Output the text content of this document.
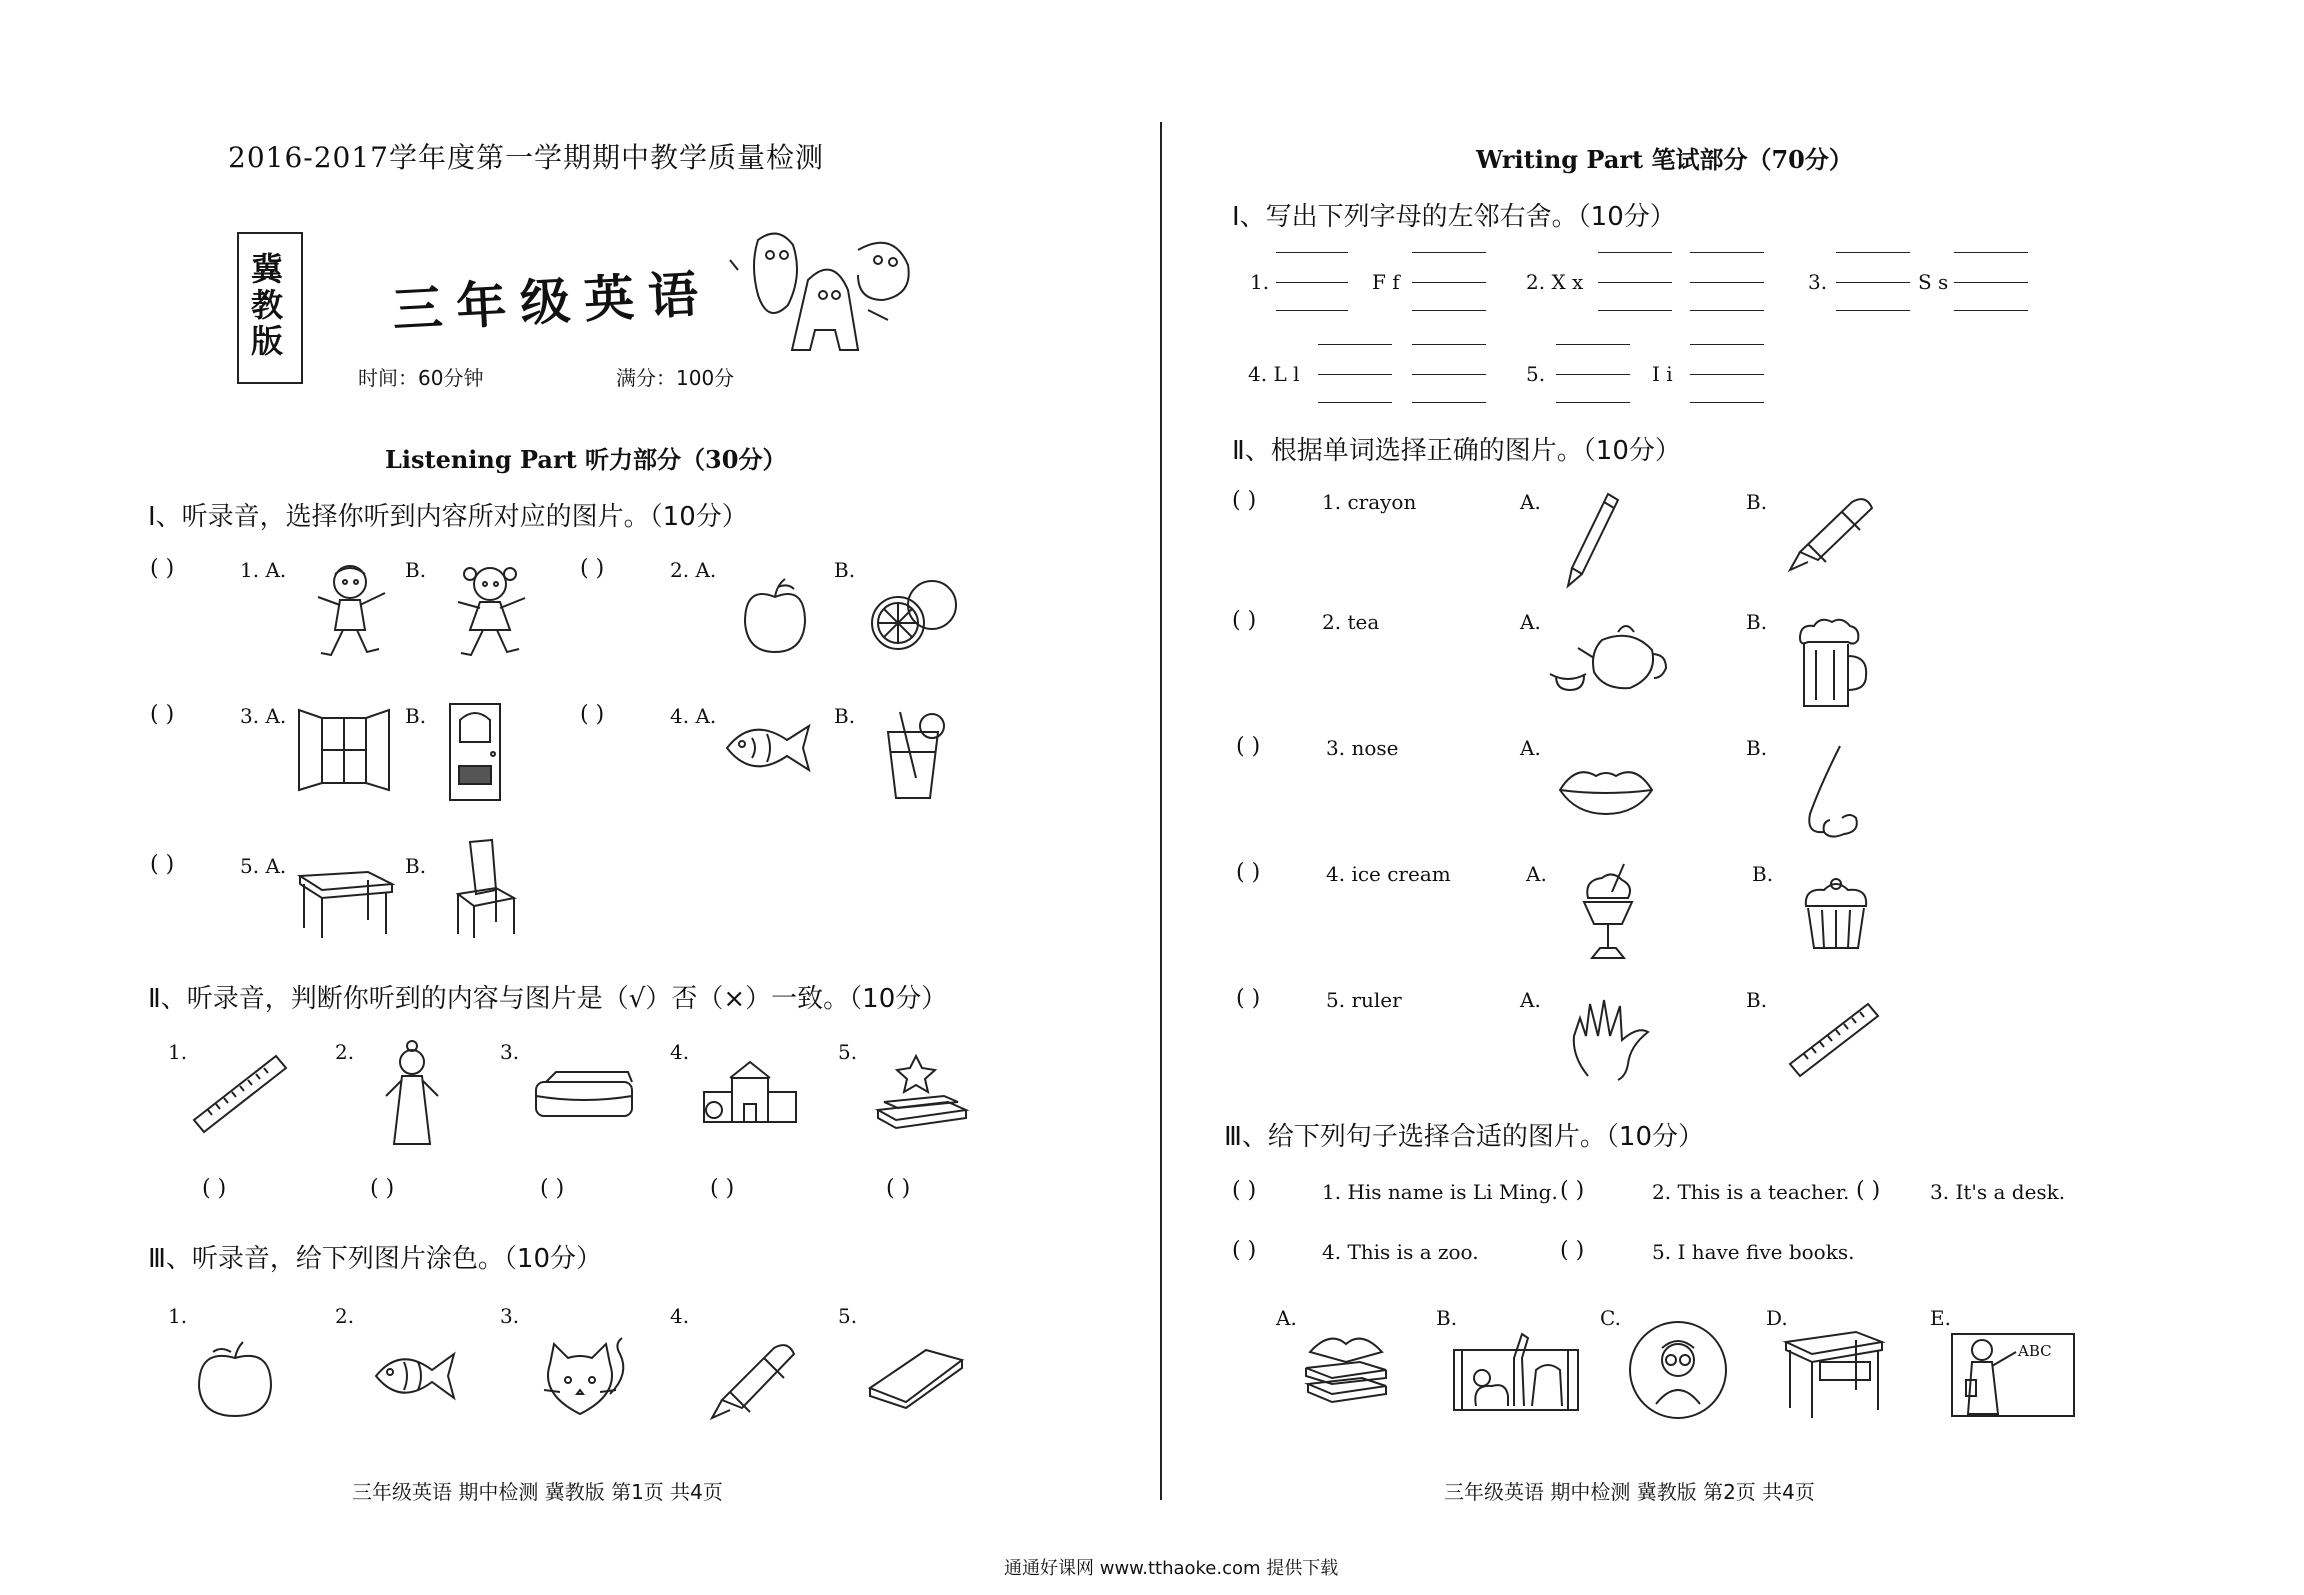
2016-2017学年度第一学期期中教学质量检测
冀教版 三年级英语
时间：60分钟	满分：100分
Listening Part 听力部分（30分）
Ⅰ、听录音，选择你听到内容所对应的图片。（10分）
( )	1. A.	B.	( )	2. A.	B.
( )	3. A.	B.	( )	4. A.	B.
( )	5. A.	B.
Ⅱ、听录音，判断你听到的内容与图片是（√）否（×）一致。（10分）
1.	2.	3.	4.	5.
( )	( )	( )	( )	( )
Ⅲ、听录音，给下列图片涂色。（10分）
1.	2.	3.	4.	5.
三年级英语 期中检测 冀教版 第1页 共4页
Writing Part 笔试部分（70分）
Ⅰ、写出下列字母的左邻右舍。（10分）
1.	F f	2. X x	3.	S s
4. L l	5.	I i
Ⅱ、根据单词选择正确的图片。（10分）
( )	1. crayon	A.	B.
( )	2. tea	A.	B.
( )	3. nose	A.	B.
( )	4. ice cream	A.	B.
( )	5. ruler	A.	B.
Ⅲ、给下列句子选择合适的图片。（10分）
( )	1. His name is Li Ming. ( )	2. This is a teacher. ( ) 3. It's a desk.
( )	4. This is a zoo.	( )	5. I have five books.
A.	B.	C.	D.	E.
ABC
三年级英语 期中检测 冀教版 第2页 共4页
通通好课网 www.tthaoke.com 提供下载
